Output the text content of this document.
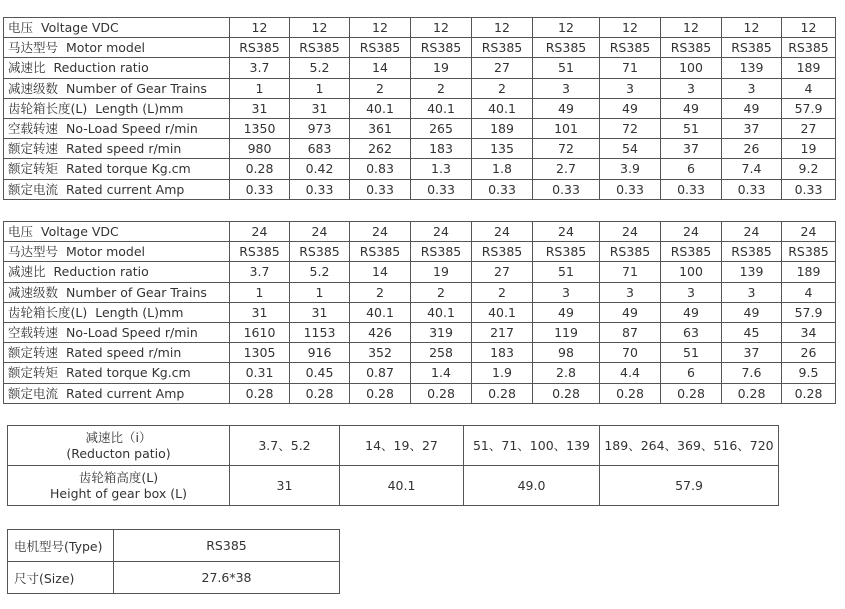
电压 Voltage VDC	12	12	12	12	12	12	12	12	12	12
马达型号 Motor model	RS385	RS385	RS385	RS385	RS385	RS385	RS385	RS385	RS385	RS385
减速比 Reduction ratio	3.7	5.2	14	19	27	51	71	100	139	189
减速级数 Number of Gear Trains	1	1	2	2	2	3	3	3	3	4
齿轮箱长度(L) Length (L)mm	31	31	40.1	40.1	40.1	49	49	49	49	57.9
空载转速 No-Load Speed r/min	1350	973	361	265	189	101	72	51	37	27
额定转速 Rated speed r/min	980	683	262	183	135	72	54	37	26	19
额定转矩 Rated torque Kg.cm	0.28	0.42	0.83	1.3	1.8	2.7	3.9	6	7.4	9.2
额定电流 Rated current Amp	0.33	0.33	0.33	0.33	0.33	0.33	0.33	0.33	0.33	0.33
电压 Voltage VDC	24	24	24	24	24	24	24	24	24	24
马达型号 Motor model	RS385	RS385	RS385	RS385	RS385	RS385	RS385	RS385	RS385	RS385
减速比 Reduction ratio	3.7	5.2	14	19	27	51	71	100	139	189
减速级数 Number of Gear Trains	1	1	2	2	2	3	3	3	3	4
齿轮箱长度(L) Length (L)mm	31	31	40.1	40.1	40.1	49	49	49	49	57.9
空载转速 No-Load Speed r/min	1610	1153	426	319	217	119	87	63	45	34
额定转速 Rated speed r/min	1305	916	352	258	183	98	70	51	37	26
额定转矩 Rated torque Kg.cm	0.31	0.45	0.87	1.4	1.9	2.8	4.4	6	7.6	9.5
额定电流 Rated current Amp	0.28	0.28	0.28	0.28	0.28	0.28	0.28	0.28	0.28	0.28
减速比（i）
(Reducton patio)	3.7、5.2	14、19、27	51、71、100、139	189、264、369、516、720

齿轮箱高度(L)
Height of gear box (L)	31	40.1	49.0	57.9
电机型号(Type)	RS385
尺寸(Size)	27.6*38
